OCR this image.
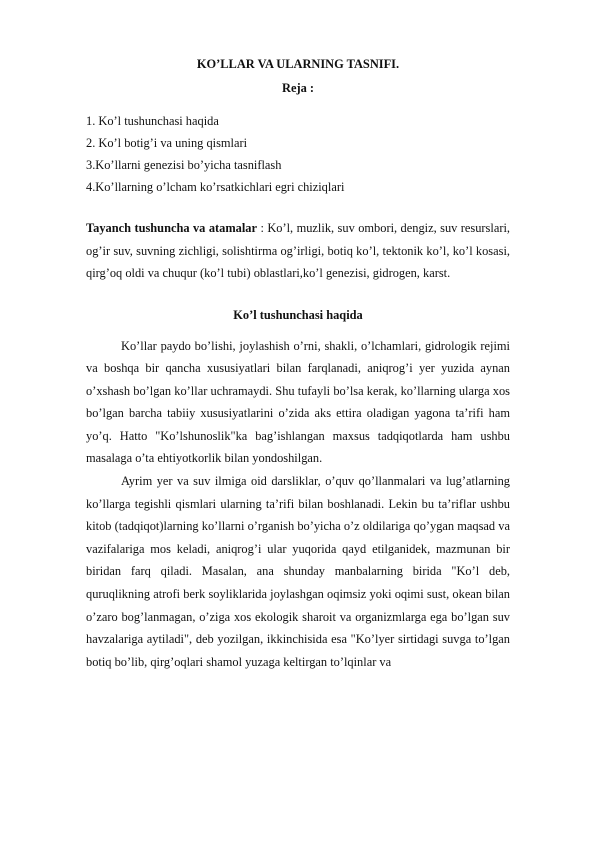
KO’LLAR VA ULARNING TASNIFI.
Reja :
1. Ko’l tushunchasi haqida
2. Ko’l botig’i va uning qismlari
3.Ko’llarni genezisi bo’yicha tasniflash
4.Ko’llarning o’lcham ko’rsatkichlari egri chiziqlari

Tayanch tushuncha va atamalar : Ko’l, muzlik, suv ombori, dengiz, suv resurslari, og’ir suv, suvning zichligi, solishtirma og’irligi, botiq ko’l, tektonik ko’l, ko’l kosasi, qirg’oq oldi va chuqur (ko’l tubi) oblastlari,ko’l genezisi, gidrogen, karst.

Ko’l tushunchasi haqida

Ko’llar paydo bo’lishi, joylashish o’rni, shakli, o’lchamlari, gidrologik rejimi va boshqa bir qancha xususiyatlari bilan farqlanadi, aniqrog’i yer yuzida aynan o’xshash bo’lgan ko’llar uchramaydi. Shu tufayli bo’lsa kerak, ko’llarning ularga xos bo’lgan barcha tabiiy xususiyatlarini o’zida aks ettira oladigan yagona ta’rifi ham yo’q. Hatto "Ko’lshunoslik"ka bag’ishlangan maxsus tadqiqotlarda ham ushbu masalaga o’ta ehtiyotkorlik bilan yondoshilgan.

Ayrim yer va suv ilmiga oid darsliklar, o’quv qo’llanmalari va lug’atlarning ko’llarga tegishli qismlari ularning ta’rifi bilan boshlanadi. Lekin bu ta’riflar ushbu kitob (tadqiqot)larning ko’llarni o’rganish bo’yicha o’z oldilariga qo’ygan maqsad va vazifalariga mos keladi, aniqrog’i ular yuqorida qayd etilganidek, mazmunan bir biridan farq qiladi. Masalan, ana shunday manbalarning birida "Ko’l deb, quruqlikning atrofi berk soyliklarida joylashgan oqimsiz yoki oqimi sust, okean bilan o’zaro bog’lanmagan, o’ziga xos ekologik sharoit va organizmlarga ega bo’lgan suv havzalariga aytiladi", deb yozilgan, ikkinchisida esa "Ko’lyer sirtidagi suvga to’lgan botiq bo’lib, qirg’oqlari shamol yuzaga keltirgan to’lqinlar va
